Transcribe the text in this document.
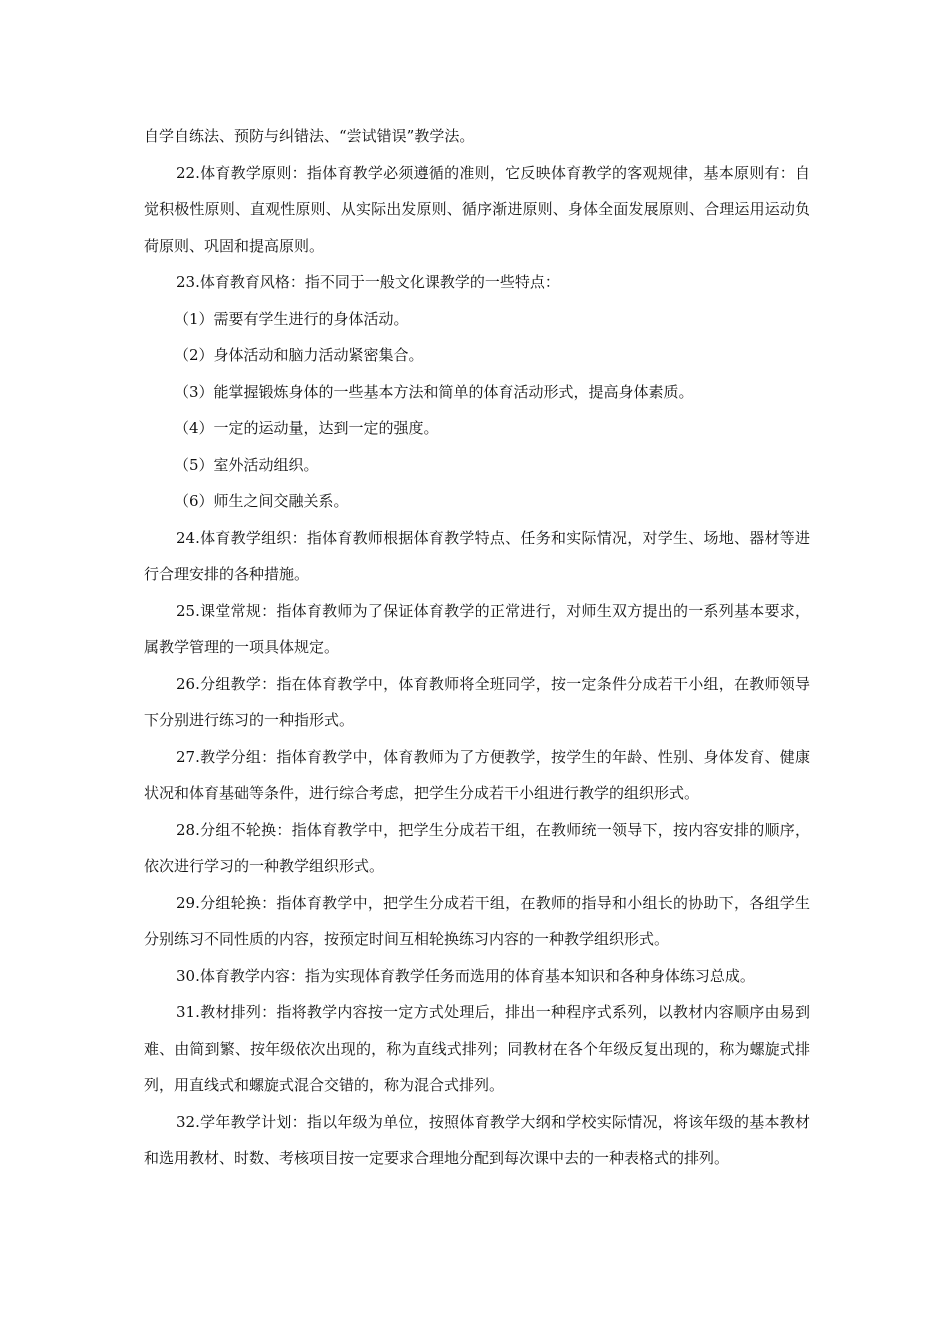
自学自练法、预防与纠错法、“尝试错误”教学法。

22.体育教学原则：指体育教学必须遵循的准则，它反映体育教学的客观规律，基本原则有：自觉积极性原则、直观性原则、从实际出发原则、循序渐进原则、身体全面发展原则、合理运用运动负荷原则、巩固和提高原则。

23.体育教育风格：指不同于一般文化课教学的一些特点：

（1）需要有学生进行的身体活动。

（2）身体活动和脑力活动紧密集合。

（3）能掌握锻炼身体的一些基本方法和简单的体育活动形式，提高身体素质。

（4）一定的运动量，达到一定的强度。

（5）室外活动组织。

（6）师生之间交融关系。

24.体育教学组织：指体育教师根据体育教学特点、任务和实际情况，对学生、场地、器材等进行合理安排的各种措施。

25.课堂常规：指体育教师为了保证体育教学的正常进行，对师生双方提出的一系列基本要求，属教学管理的一项具体规定。

26.分组教学：指在体育教学中，体育教师将全班同学，按一定条件分成若干小组，在教师领导下分别进行练习的一种指形式。

27.教学分组：指体育教学中，体育教师为了方便教学，按学生的年龄、性别、身体发育、健康状况和体育基础等条件，进行综合考虑，把学生分成若干小组进行教学的组织形式。

28.分组不轮换：指体育教学中，把学生分成若干组，在教师统一领导下，按内容安排的顺序，依次进行学习的一种教学组织形式。

29.分组轮换：指体育教学中，把学生分成若干组，在教师的指导和小组长的协助下，各组学生分别练习不同性质的内容，按预定时间互相轮换练习内容的一种教学组织形式。

30.体育教学内容：指为实现体育教学任务而选用的体育基本知识和各种身体练习总成。

31.教材排列：指将教学内容按一定方式处理后，排出一种程序式系列，以教材内容顺序由易到难、由简到繁、按年级依次出现的，称为直线式排列；同教材在各个年级反复出现的，称为螺旋式排列，用直线式和螺旋式混合交错的，称为混合式排列。

32.学年教学计划：指以年级为单位，按照体育教学大纲和学校实际情况，将该年级的基本教材和选用教材、时数、考核项目按一定要求合理地分配到每次课中去的一种表格式的排列。
